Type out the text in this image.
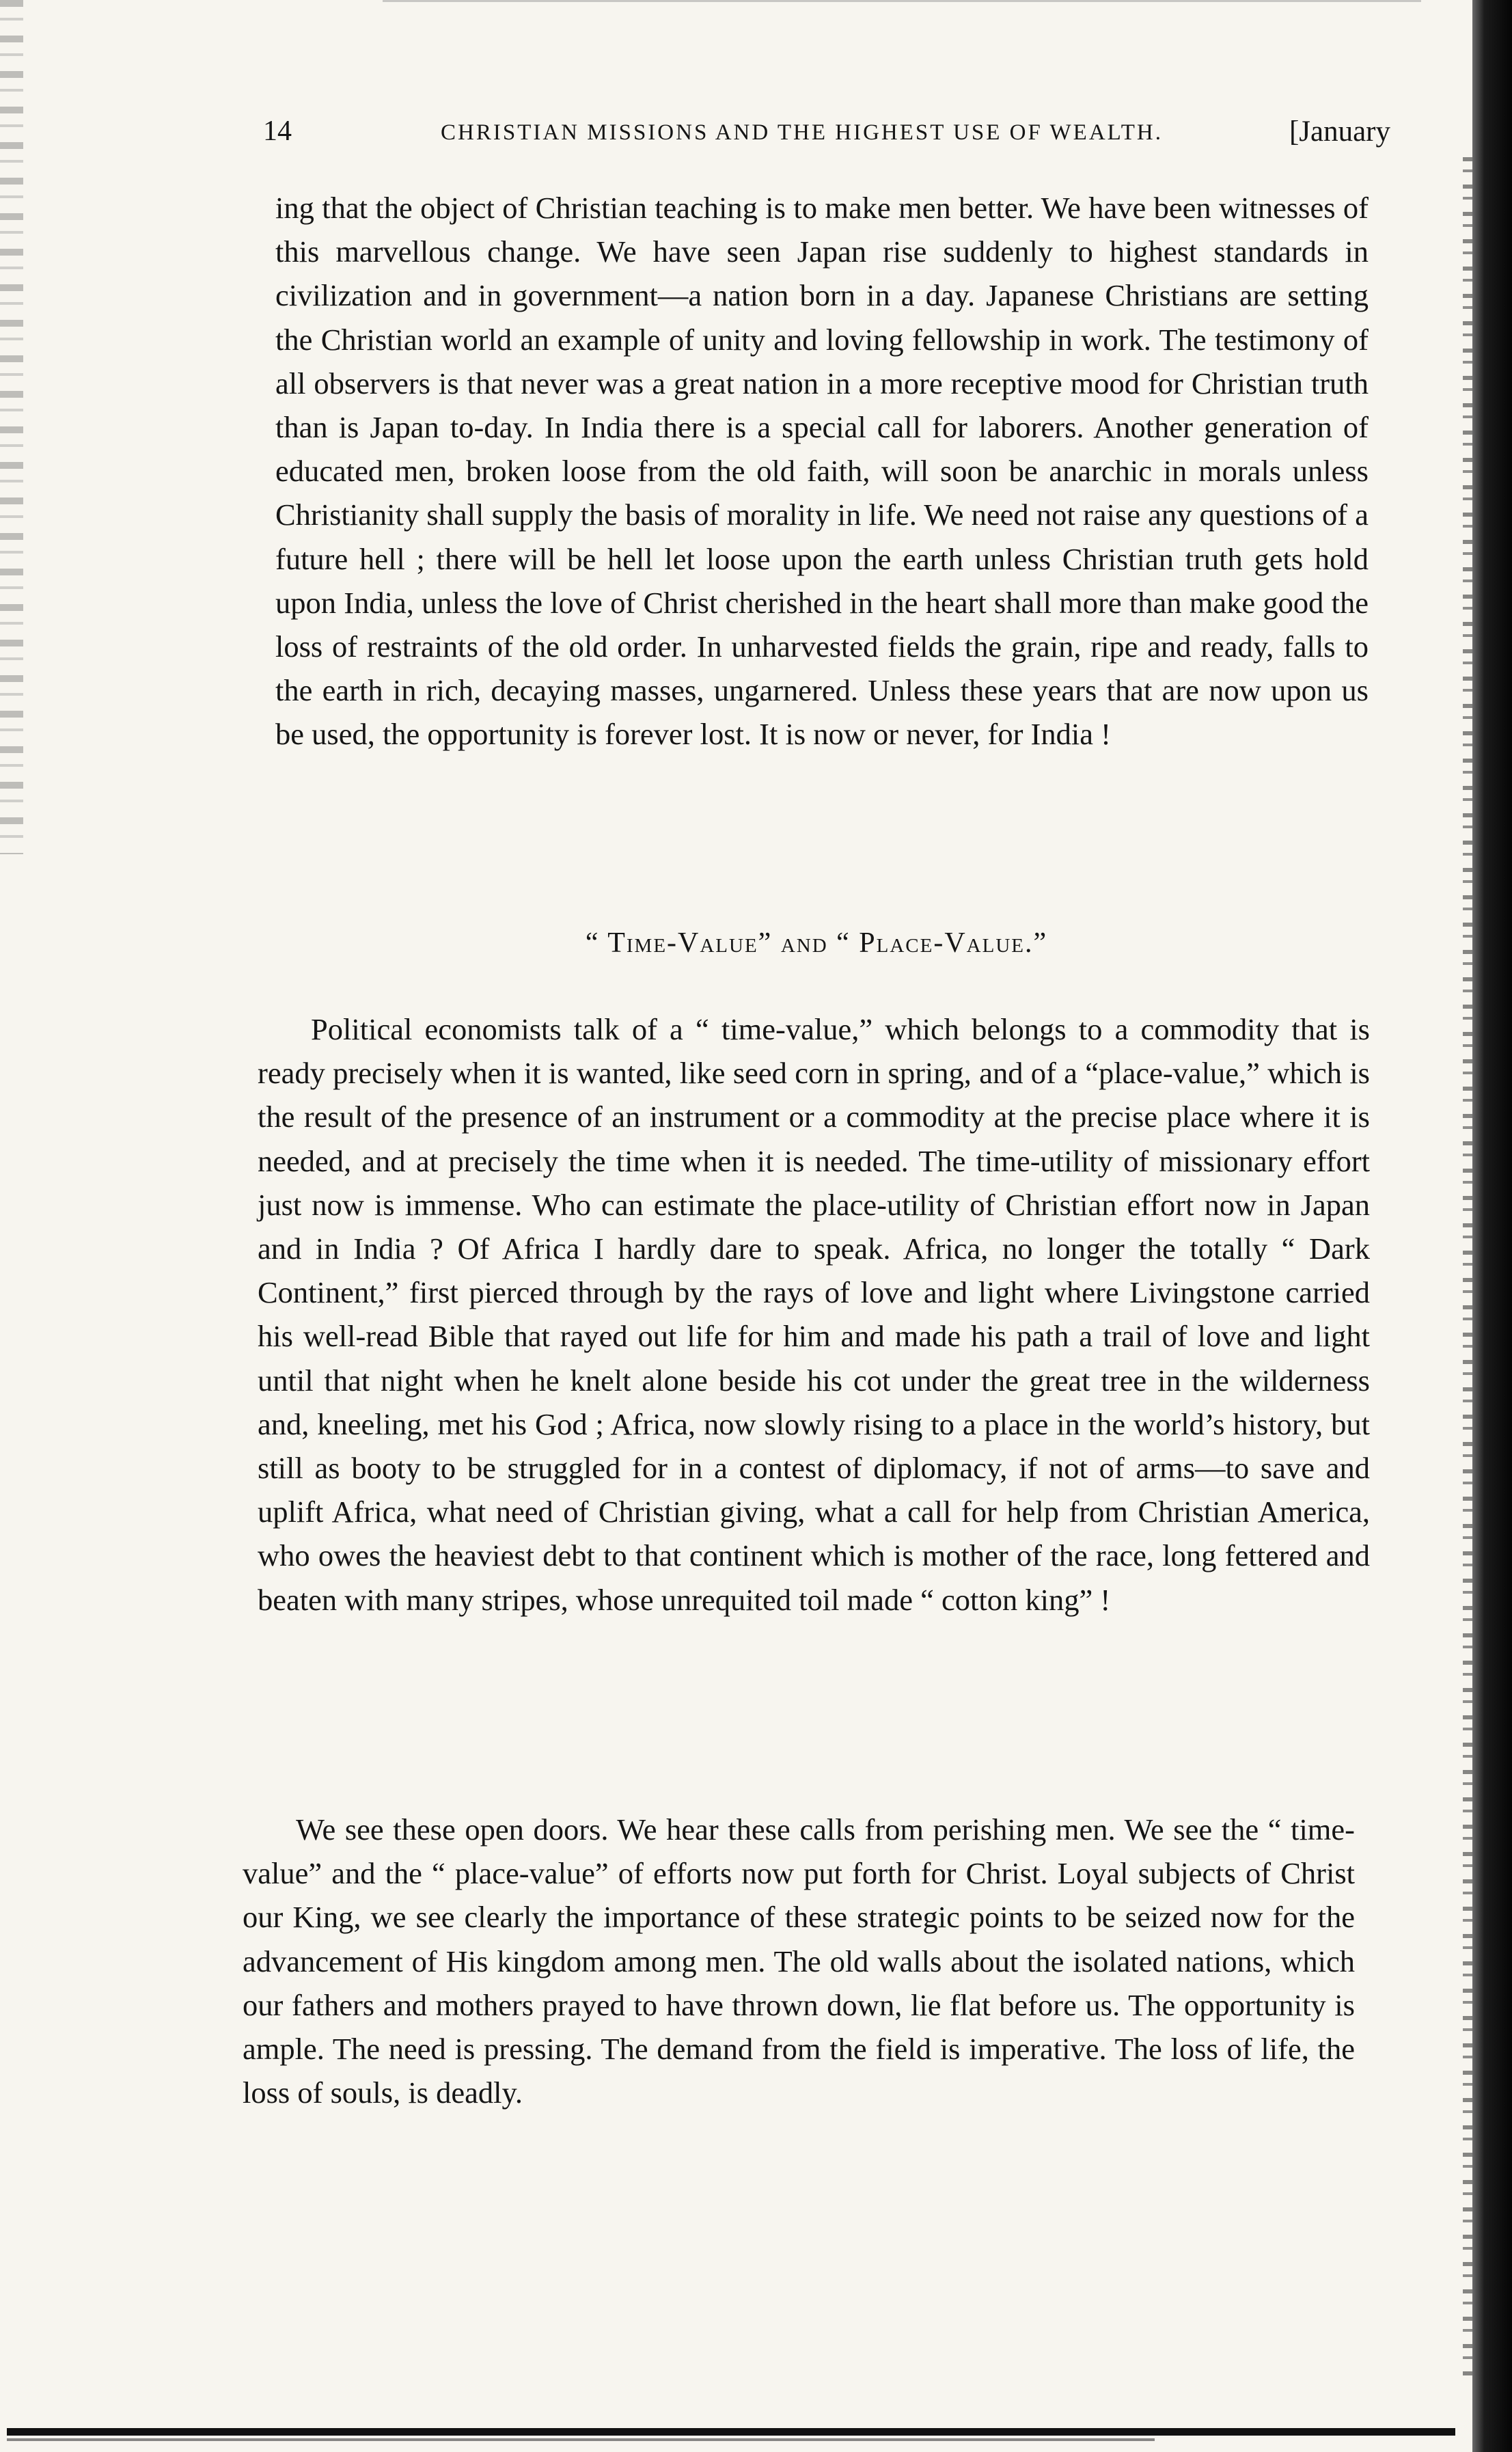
14	CHRISTIAN MISSIONS AND THE HIGHEST USE OF WEALTH.	[January

ing that the object of Christian teaching is to make men better. We have been witnesses of this marvellous change. We have seen Japan rise suddenly to highest standards in civilization and in government—a nation born in a day. Japanese Christians are setting the Christian world an example of unity and loving fellowship in work. The testimony of all observers is that never was a great nation in a more receptive mood for Christian truth than is Japan to-day. In India there is a special call for laborers. Another generation of educated men, broken loose from the old faith, will soon be anarchic in morals unless Christianity shall supply the basis of morality in life. We need not raise any questions of a future hell ; there will be hell let loose upon the earth unless Christian truth gets hold upon India, unless the love of Christ cherished in the heart shall more than make good the loss of restraints of the old order. In unharvested fields the grain, ripe and ready, falls to the earth in rich, decaying masses, ungarnered. Unless these years that are now upon us be used, the opportunity is forever lost. It is now or never, for India !

“ Time-Value” and “ Place-Value.”

Political economists talk of a “ time-value,” which belongs to a commodity that is ready precisely when it is wanted, like seed corn in spring, and of a “place-value,” which is the result of the presence of an instrument or a commodity at the precise place where it is needed, and at precisely the time when it is needed. The time-utility of missionary effort just now is immense. Who can estimate the place-utility of Christian effort now in Japan and in India ? Of Africa I hardly dare to speak. Africa, no longer the totally “ Dark Continent,” first pierced through by the rays of love and light where Livingstone carried his well-read Bible that rayed out life for him and made his path a trail of love and light until that night when he knelt alone beside his cot under the great tree in the wilderness and, kneeling, met his God ; Africa, now slowly rising to a place in the world’s history, but still as booty to be struggled for in a contest of diplomacy, if not of arms—to save and uplift Africa, what need of Christian giving, what a call for help from Christian America, who owes the heaviest debt to that continent which is mother of the race, long fettered and beaten with many stripes, whose unrequited toil made “ cotton king” !

We see these open doors. We hear these calls from perishing men. We see the “ time-value” and the “ place-value” of efforts now put forth for Christ. Loyal subjects of Christ our King, we see clearly the importance of these strategic points to be seized now for the advancement of His kingdom among men. The old walls about the isolated nations, which our fathers and mothers prayed to have thrown down, lie flat before us. The opportunity is ample. The need is pressing. The demand from the field is imperative. The loss of life, the loss of souls, is deadly.
